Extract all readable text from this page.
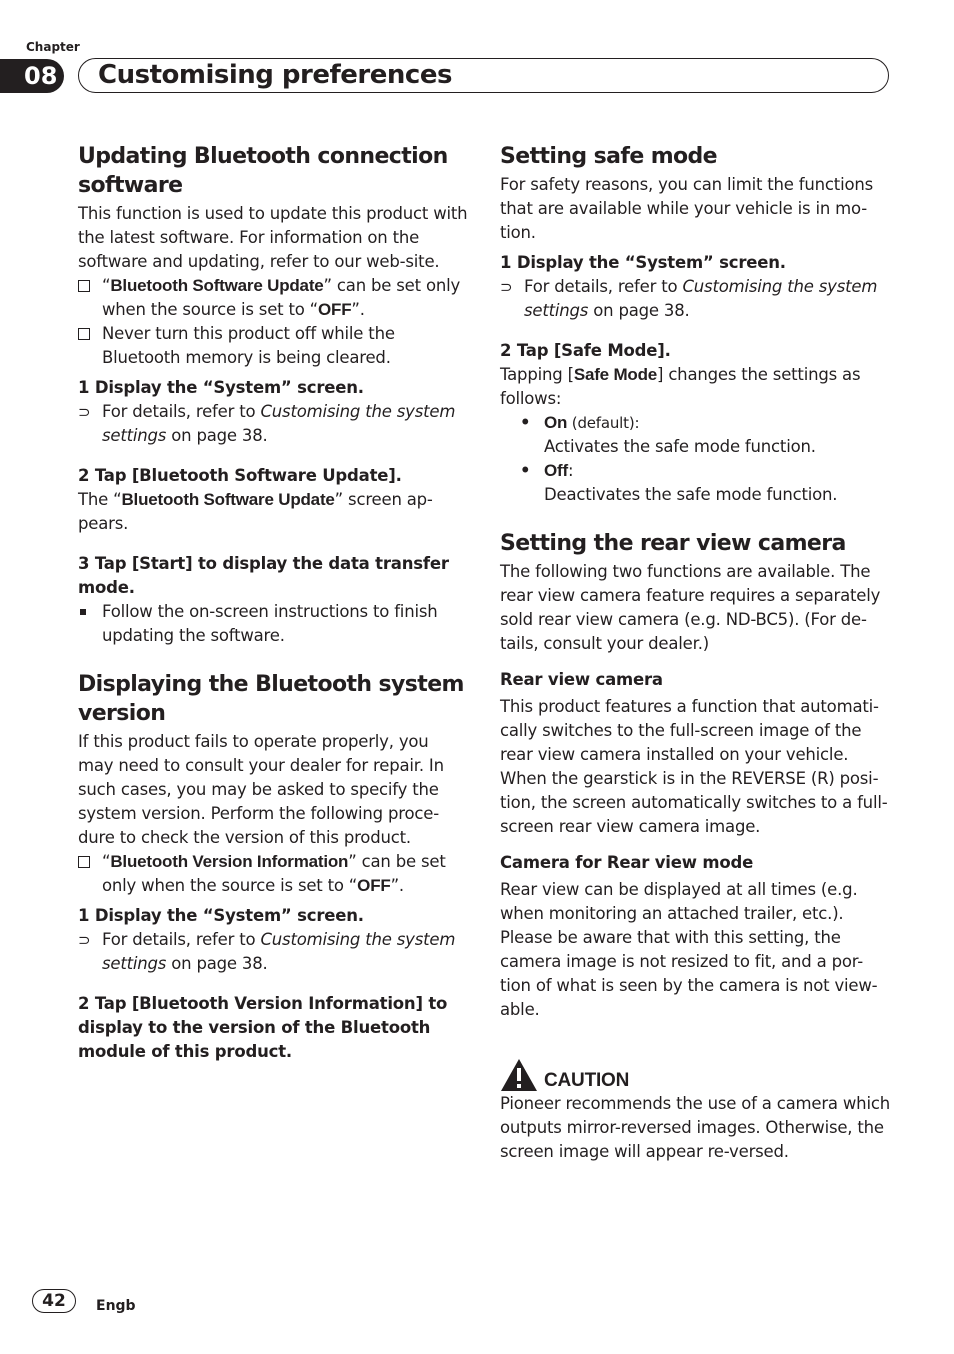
Chapter
08 Customising preferences
Updating Bluetooth connection software

This function is used to update this product with the latest software. For information on the software and updating, refer to our web-site.

“Bluetooth Software Update” can be set only when the source is set to “OFF”.
Never turn this product off while the Bluetooth memory is being cleared.

1 Display the “System” screen.

⊃ For details, refer to Customising the system settings on page 38.

2 Tap [Bluetooth Software Update].

The “Bluetooth Software Update” screen ap-pears.

3 Tap [Start] to display the data transfer mode.

Follow the on-screen instructions to finish updating the software.
Displaying the Bluetooth system version

If this product fails to operate properly, you may need to consult your dealer for repair. In such cases, you may be asked to specify the system version. Perform the following proce-dure to check the version of this product.

“Bluetooth Version Information” can be set only when the source is set to “OFF”.

1 Display the “System” screen.

⊃ For details, refer to Customising the system settings on page 38.

2 Tap [Bluetooth Version Information] to display to the version of the Bluetooth module of this product.

Setting safe mode

For safety reasons, you can limit the functions that are available while your vehicle is in mo-tion.

1 Display the “System” screen.

⊃ For details, refer to Customising the system settings on page 38.

2 Tap [Safe Mode].

Tapping [Safe Mode] changes the settings as follows:

• On (default):

Activates the safe mode function.

• Off:

Deactivates the safe mode function.

Setting the rear view camera

The following two functions are available. The rear view camera feature requires a separately sold rear view camera (e.g. ND-BC5). (For de-tails, consult your dealer.)

Rear view camera

This product features a function that automati-cally switches to the full-screen image of the rear view camera installed on your vehicle. When the gearstick is in the REVERSE (R) posi-tion, the screen automatically switches to a full-screen rear view camera image.

Camera for Rear view mode

Rear view can be displayed at all times (e.g. when monitoring an attached trailer, etc.). Please be aware that with this setting, the camera image is not resized to fit, and a por-tion of what is seen by the camera is not view-able.

CAUTION

Pioneer recommends the use of a camera which outputs mirror-reversed images. Otherwise, the screen image will appear re-versed.

42	Engb
